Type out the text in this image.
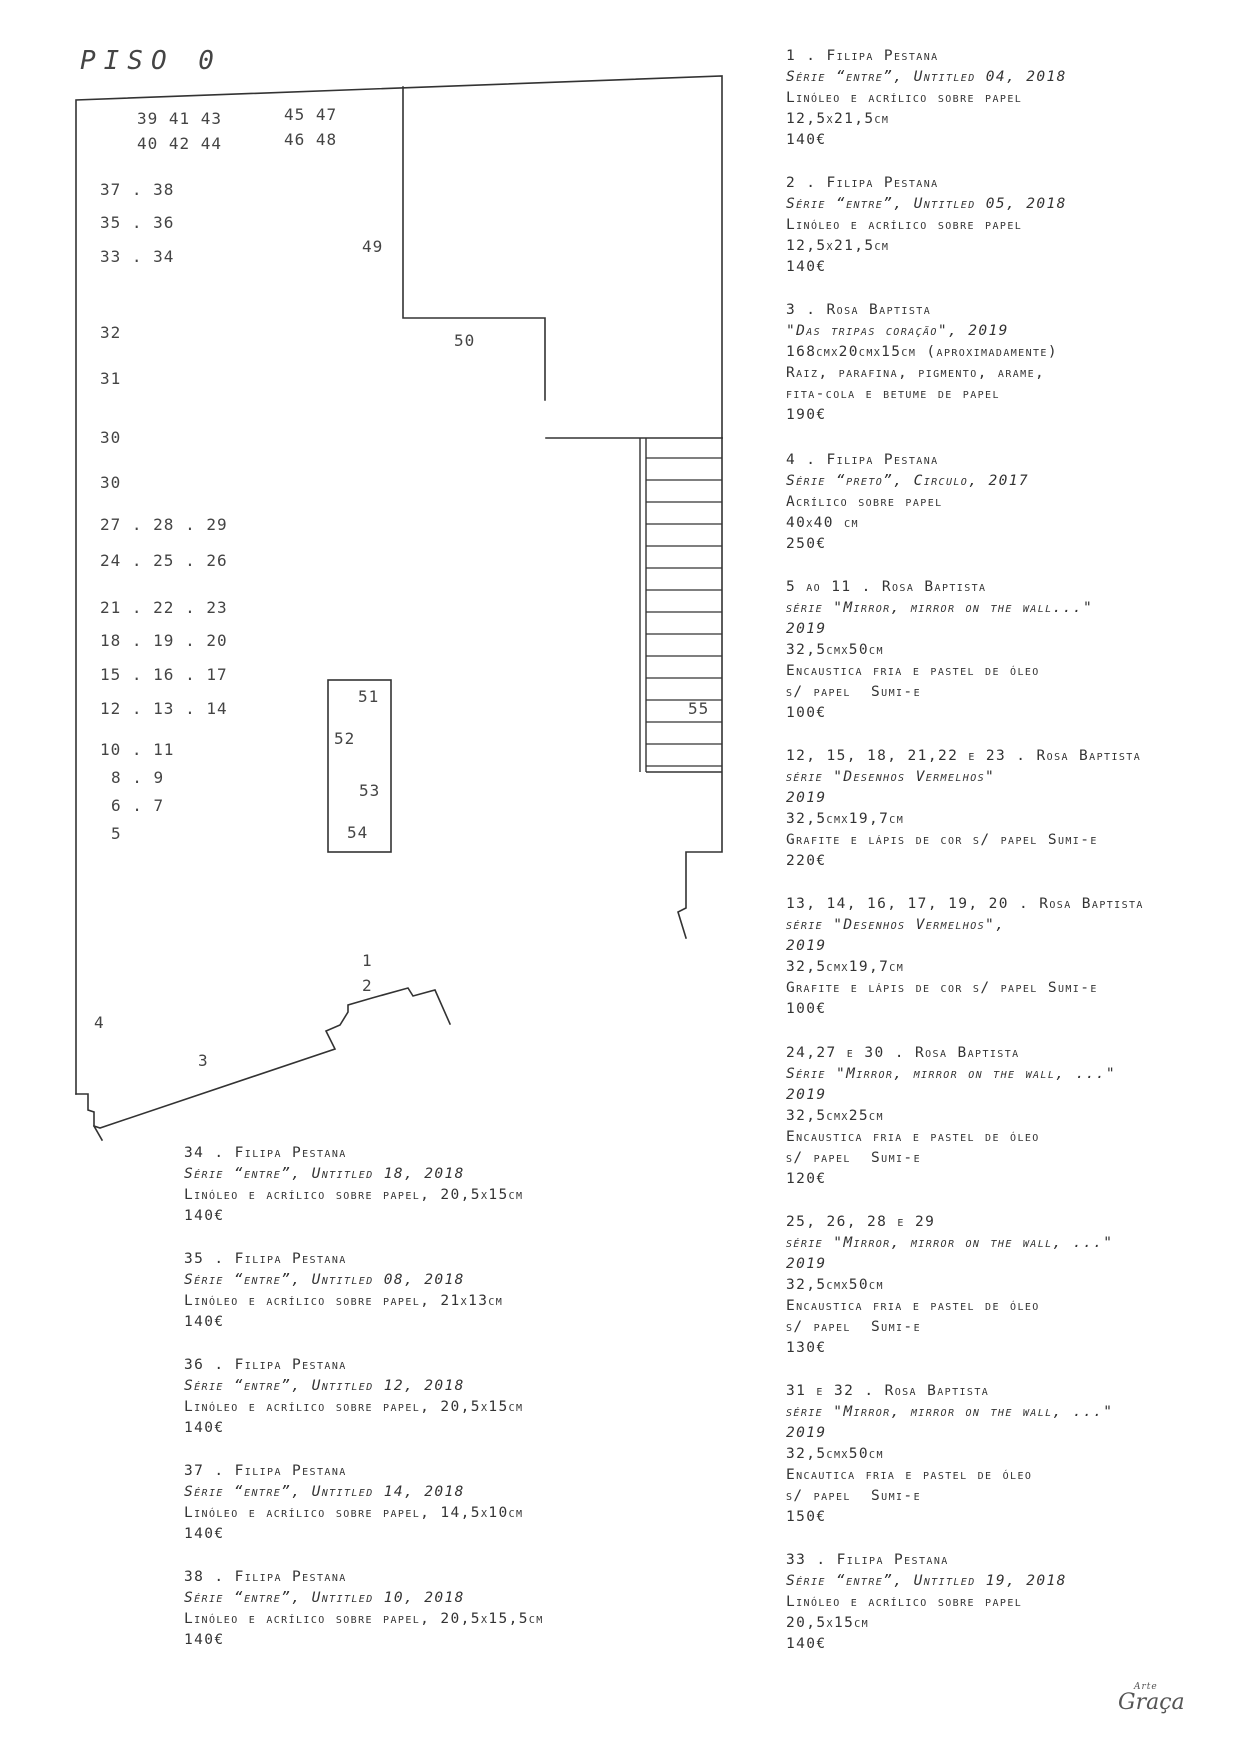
PISO 0
39 41 43
40 42 44
45 47
46 48
37 . 38
35 . 36
33 . 34
49
32	50
31
30
30
27 . 28 . 29
24 . 25 . 26
21 . 22 . 23
18 . 19 . 20
15 . 16 . 17
12 . 13 . 14
10 . 11
8 . 9
6 . 7
5
51
52
53
54
55
1
2
3
4
1 . Filipa Pestana
Série “entre”, Untitled 04, 2018
Linóleo e acrílico sobre papel
12,5x21,5cm
140€
2 . Filipa Pestana
Série “entre”, Untitled 05, 2018
Linóleo e acrílico sobre papel
12,5x21,5cm
140€
3 . Rosa Baptista
"Das tripas coração", 2019
168cmx20cmx15cm (aproximadamente)
Raiz, parafina, pigmento, arame,
fita-cola e betume de papel
190€
4 . Filipa Pestana
Série “preto”, Circulo, 2017
Acrílico sobre papel
40x40 cm
250€
5 ao 11 . Rosa Baptista
série "Mirror, mirror on the wall..."
2019
32,5cmx50cm
Encaustica fria e pastel de óleo
s/ papel  Sumi-e
100€
12, 15, 18, 21,22 e 23 . Rosa Baptista
série "Desenhos Vermelhos"
2019
32,5cmx19,7cm
Grafite e lápis de cor s/ papel Sumi-e
220€
13, 14, 16, 17, 19, 20 . Rosa Baptista
série "Desenhos Vermelhos",
2019
32,5cmx19,7cm
Grafite e lápis de cor s/ papel Sumi-e
100€
24,27 e 30 . Rosa Baptista
Série "Mirror, mirror on the wall, ..."
2019
32,5cmx25cm
Encaustica fria e pastel de óleo
s/ papel  Sumi-e
120€
25, 26, 28 e 29
série "Mirror, mirror on the wall, ..."
2019
32,5cmx50cm
Encaustica fria e pastel de óleo
s/ papel  Sumi-e
130€
31 e 32 . Rosa Baptista
série "Mirror, mirror on the wall, ..."
2019
32,5cmx50cm
Encautica fria e pastel de óleo
s/ papel  Sumi-e
150€
33 . Filipa Pestana
Série “entre”, Untitled 19, 2018
Linóleo e acrílico sobre papel
20,5x15cm
140€
34 . Filipa Pestana
Série “entre”, Untitled 18, 2018
Linóleo e acrílico sobre papel, 20,5x15cm
140€
35 . Filipa Pestana
Série “entre”, Untitled 08, 2018
Linóleo e acrílico sobre papel, 21x13cm
140€
36 . Filipa Pestana
Série “entre”, Untitled 12, 2018
Linóleo e acrílico sobre papel, 20,5x15cm
140€
37 . Filipa Pestana
Série “entre”, Untitled 14, 2018
Linóleo e acrílico sobre papel, 14,5x10cm
140€
38 . Filipa Pestana
Série “entre”, Untitled 10, 2018
Linóleo e acrílico sobre papel, 20,5x15,5cm
140€
Arte
Graça
